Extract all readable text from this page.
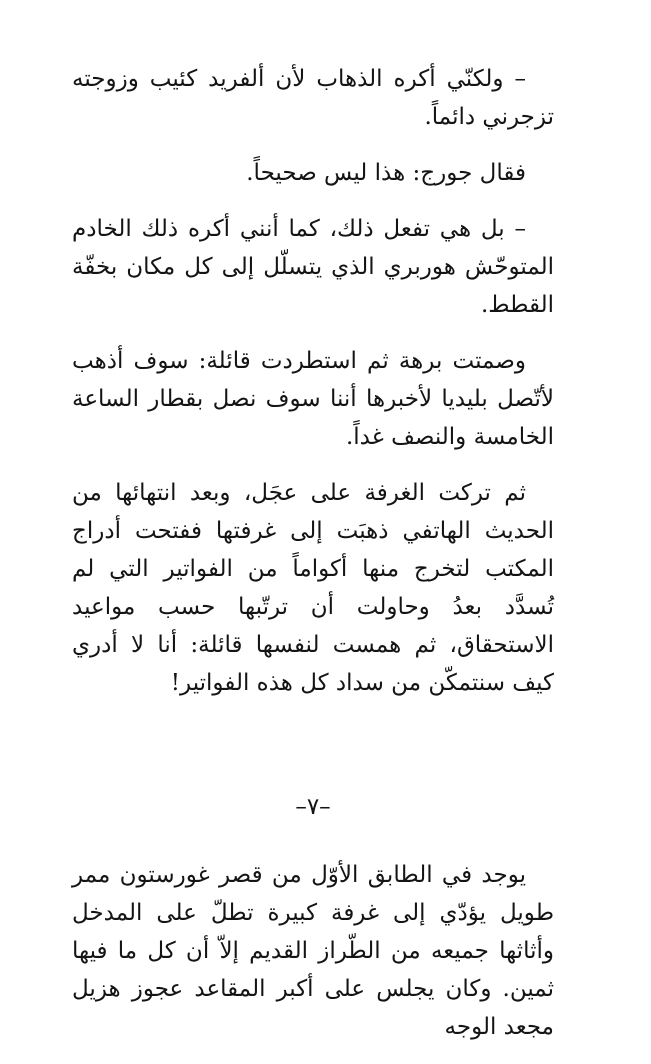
– ولكنّي أكره الذهاب لأن ألفريد كئيب وزوجته تزجرني دائماً.

فقال جورج: هذا ليس صحيحاً.

– بل هي تفعل ذلك، كما أنني أكره ذلك الخادم المتوحّش هوربري الذي يتسلّل إلى كل مكان بخفّة القطط.

وصمتت برهة ثم استطردت قائلة: سوف أذهب لأتّصل بليديا لأخبرها أننا سوف نصل بقطار الساعة الخامسة والنصف غداً.

ثم تركت الغرفة على عجَل، وبعد انتهائها من الحديث الهاتفي ذهبَت إلى غرفتها ففتحت أدراج المكتب لتخرج منها أكواماً من الفواتير التي لم تُسدَّد بعدُ وحاولت أن ترتّبها حسب مواعيد الاستحقاق، ثم همست لنفسها قائلة: أنا لا أدري كيف سنتمكّن من سداد كل هذه الفواتير!

–٧–

يوجد في الطابق الأوّل من قصر غورستون ممر طويل يؤدّي إلى غرفة كبيرة تطلّ على المدخل وأثاثها جميعه من الطّراز القديم إلاّ أن كل ما فيها ثمين. وكان يجلس على أكبر المقاعد عجوز هزيل مجعد الوجه
